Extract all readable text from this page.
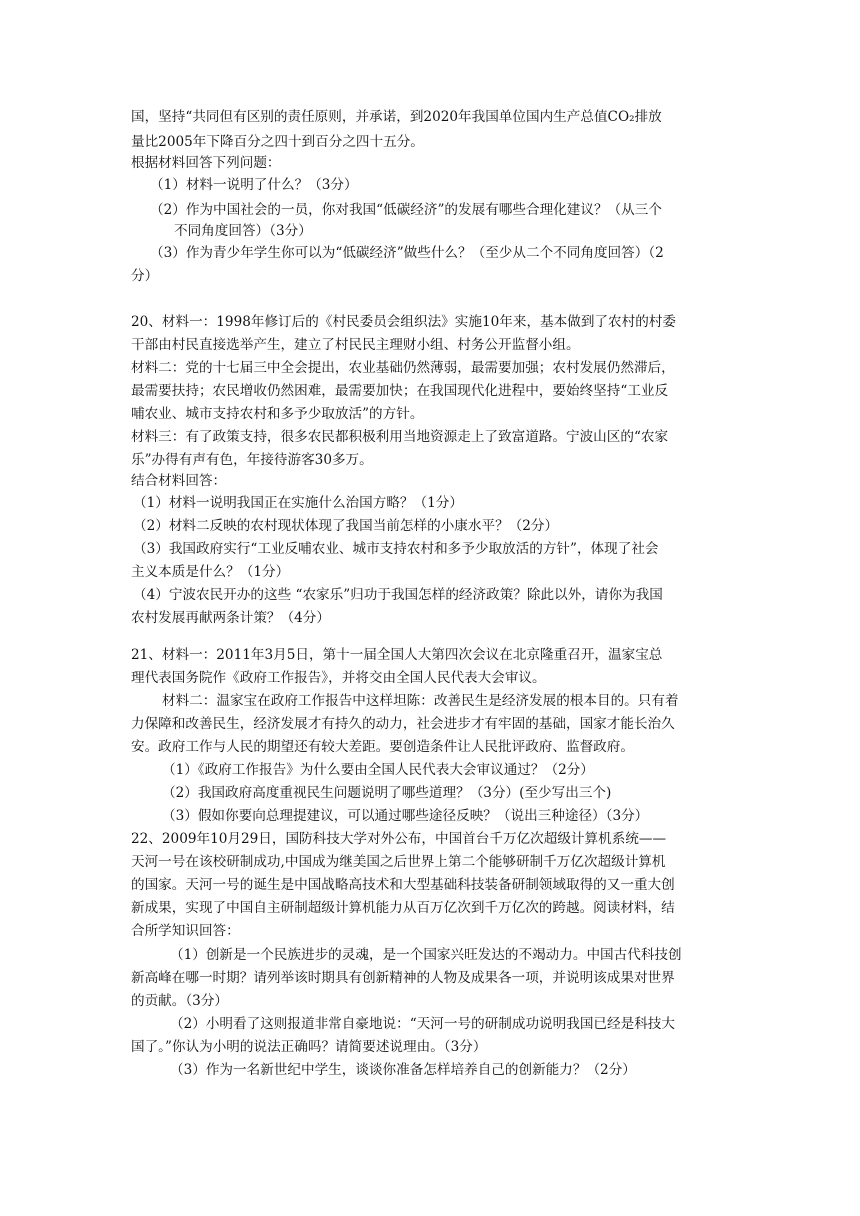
国，坚持“共同但有区别的责任原则，并承诺，到2020年我国单位国内生产总值CO₂排放
量比2005年下降百分之四十到百分之四十五分。
根据材料回答下列问题：
（1）材料一说明了什么？（3分）
（2）作为中国社会的一员，你对我国“低碳经济”的发展有哪些合理化建议？（从三个
不同角度回答）（3分）
（3）作为青少年学生你可以为“低碳经济”做些什么？（至少从二个不同角度回答）（2
分）
20、材料一：1998年修订后的《村民委员会组织法》实施10年来，基本做到了农村的村委
干部由村民直接选举产生，建立了村民民主理财小组、村务公开监督小组。
材料二：党的十七届三中全会提出，农业基础仍然薄弱，最需要加强；农村发展仍然滞后，
最需要扶持；农民增收仍然困难，最需要加快；在我国现代化进程中，要始终坚持“工业反
哺农业、城市支持农村和多予少取放活”的方针。
材料三：有了政策支持，很多农民都积极利用当地资源走上了致富道路。宁波山区的“农家
乐”办得有声有色，年接待游客30多万。
结合材料回答：
（1）材料一说明我国正在实施什么治国方略？（1分）
（2）材料二反映的农村现状体现了我国当前怎样的小康水平？（2分）
（3）我国政府实行“工业反哺农业、城市支持农村和多予少取放活的方针”，体现了社会
主义本质是什么？（1分）
（4）宁波农民开办的这些 “农家乐”归功于我国怎样的经济政策？除此以外，请你为我国
农村发展再献两条计策？（4分）
21、材料一：2011年3月5日，第十一届全国人大第四次会议在北京隆重召开，温家宝总
理代表国务院作《政府工作报告》，并将交由全国人民代表大会审议。
材料二：温家宝在政府工作报告中这样坦陈：改善民生是经济发展的根本目的。只有着
力保障和改善民生，经济发展才有持久的动力，社会进步才有牢固的基础，国家才能长治久
安。政府工作与人民的期望还有较大差距。要创造条件让人民批评政府、监督政府。
（1）《政府工作报告》为什么要由全国人民代表大会审议通过？（2分）
（2）我国政府高度重视民生问题说明了哪些道理？（3分）(至少写出三个)
（3）假如你要向总理提建议，可以通过哪些途径反映？（说出三种途径）（3分）
22、2009年10月29日，国防科技大学对外公布，中国首台千万亿次超级计算机系统——
天河一号在该校研制成功,中国成为继美国之后世界上第二个能够研制千万亿次超级计算机
的国家。天河一号的诞生是中国战略高技术和大型基础科技装备研制领域取得的又一重大创
新成果，实现了中国自主研制超级计算机能力从百万亿次到千万亿次的跨越。阅读材料，结
合所学知识回答：
（1）创新是一个民族进步的灵魂，是一个国家兴旺发达的不竭动力。中国古代科技创
新高峰在哪一时期？请列举该时期具有创新精神的人物及成果各一项，并说明该成果对世界
的贡献。（3分）
（2）小明看了这则报道非常自豪地说：“天河一号的研制成功说明我国已经是科技大
国了。”你认为小明的说法正确吗？请简要述说理由。（3分）
（3）作为一名新世纪中学生，谈谈你准备怎样培养自己的创新能力？（2分）
